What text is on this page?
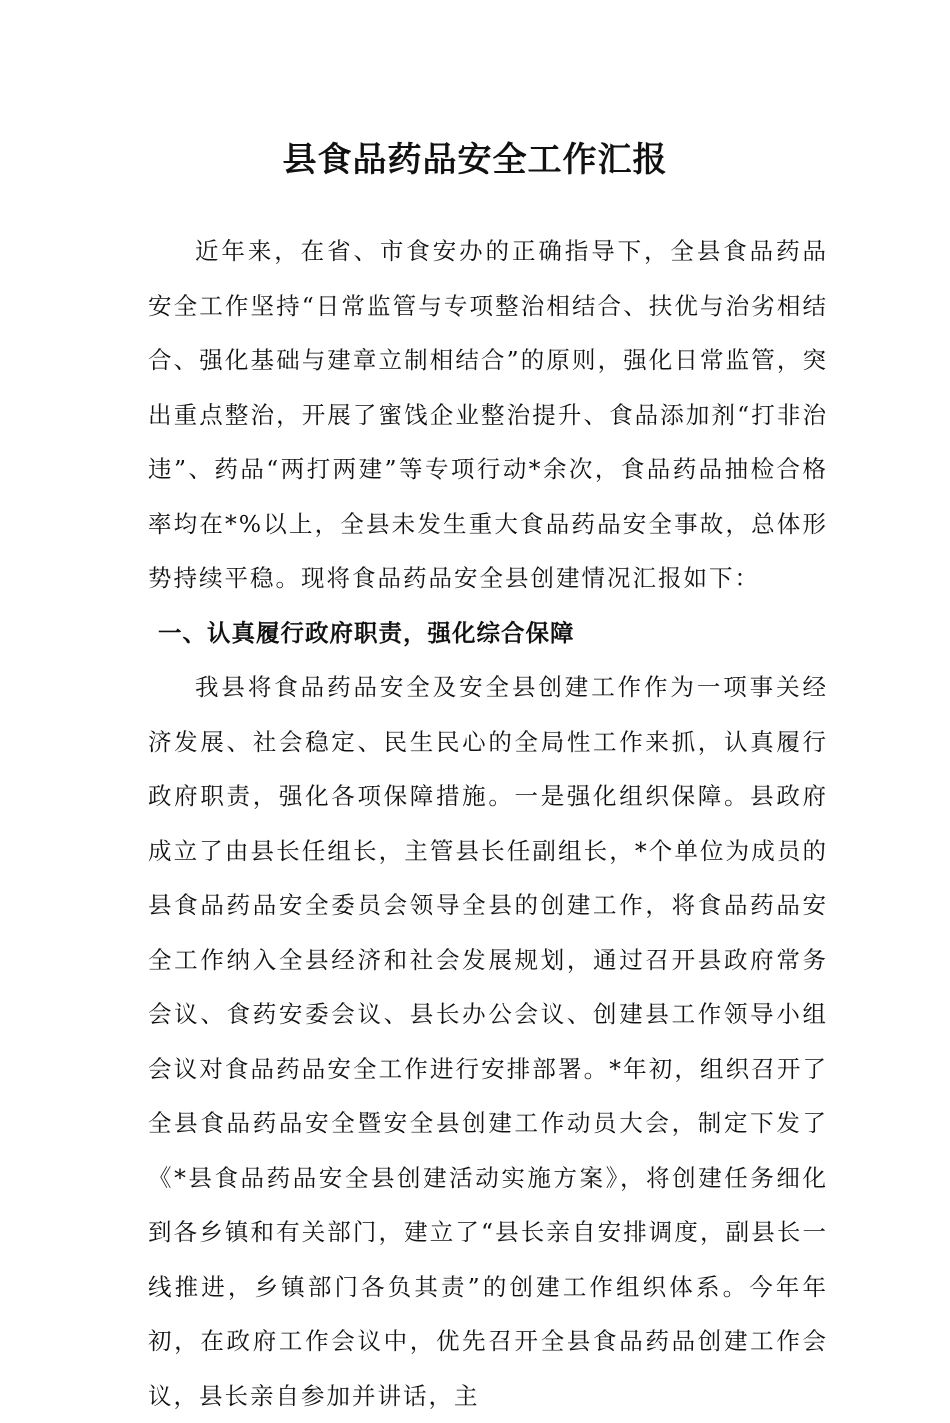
县食品药品安全工作汇报

近年来，在省、市食安办的正确指导下，全县食品药品安全工作坚持“日常监管与专项整治相结合、扶优与治劣相结合、强化基础与建章立制相结合”的原则，强化日常监管，突出重点整治，开展了蜜饯企业整治提升、食品添加剂“打非治违”、药品“两打两建”等专项行动*余次，食品药品抽检合格率均在*%以上，全县未发生重大食品药品安全事故，总体形势持续平稳。现将食品药品安全县创建情况汇报如下：

一、认真履行政府职责，强化综合保障

我县将食品药品安全及安全县创建工作作为一项事关经济发展、社会稳定、民生民心的全局性工作来抓，认真履行政府职责，强化各项保障措施。一是强化组织保障。县政府成立了由县长任组长，主管县长任副组长，*个单位为成员的县食品药品安全委员会领导全县的创建工作，将食品药品安全工作纳入全县经济和社会发展规划，通过召开县政府常务会议、食药安委会议、县长办公会议、创建县工作领导小组会议对食品药品安全工作进行安排部署。*年初，组织召开了全县食品药品安全暨安全县创建工作动员大会，制定下发了《*县食品药品安全县创建活动实施方案》，将创建任务细化到各乡镇和有关部门，建立了“县长亲自安排调度，副县长一线推进，乡镇部门各负其责”的创建工作组织体系。今年年初，在政府工作会议中，优先召开全县食品药品创建工作会议，县长亲自参加并讲话，主
